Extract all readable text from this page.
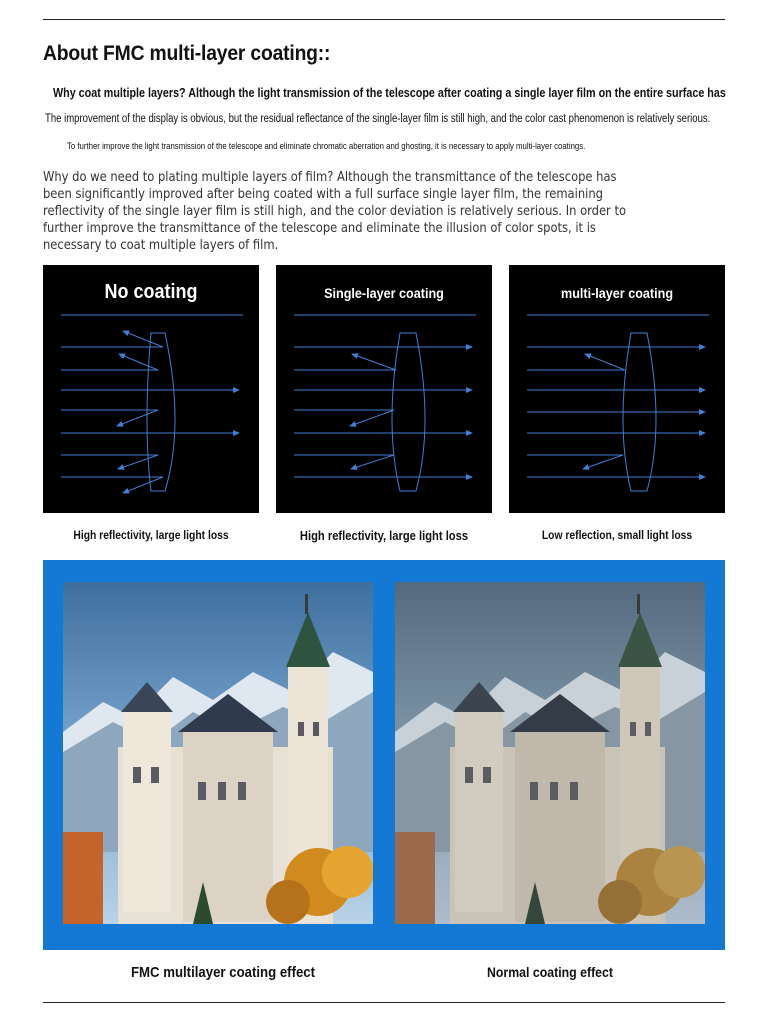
About FMC multi-layer coating::
Why coat multiple layers? Although the light transmission of the telescope after coating a single layer film on the entire surface has
The improvement of the display is obvious, but the residual reflectance of the single-layer film is still high, and the color cast phenomenon is relatively serious.
To further improve the light transmission of the telescope and eliminate chromatic aberration and ghosting, it is necessary to apply multi-layer coatings.
Why do we need to plating multiple layers of film? Although the transmittance of the telescope has been significantly improved after being coated with a full surface single layer film, the remaining reflectivity of the single layer film is still high, and the color deviation is relatively serious. In order to further improve the transmittance of the telescope and eliminate the illusion of color spots, it is necessary to coat multiple layers of film.
No coating	Single-layer coating	multi-layer coating
High reflectivity, large light loss	High reflectivity, large light loss	Low reflection, small light loss
FMC multilayer coating effect	Normal coating effect
